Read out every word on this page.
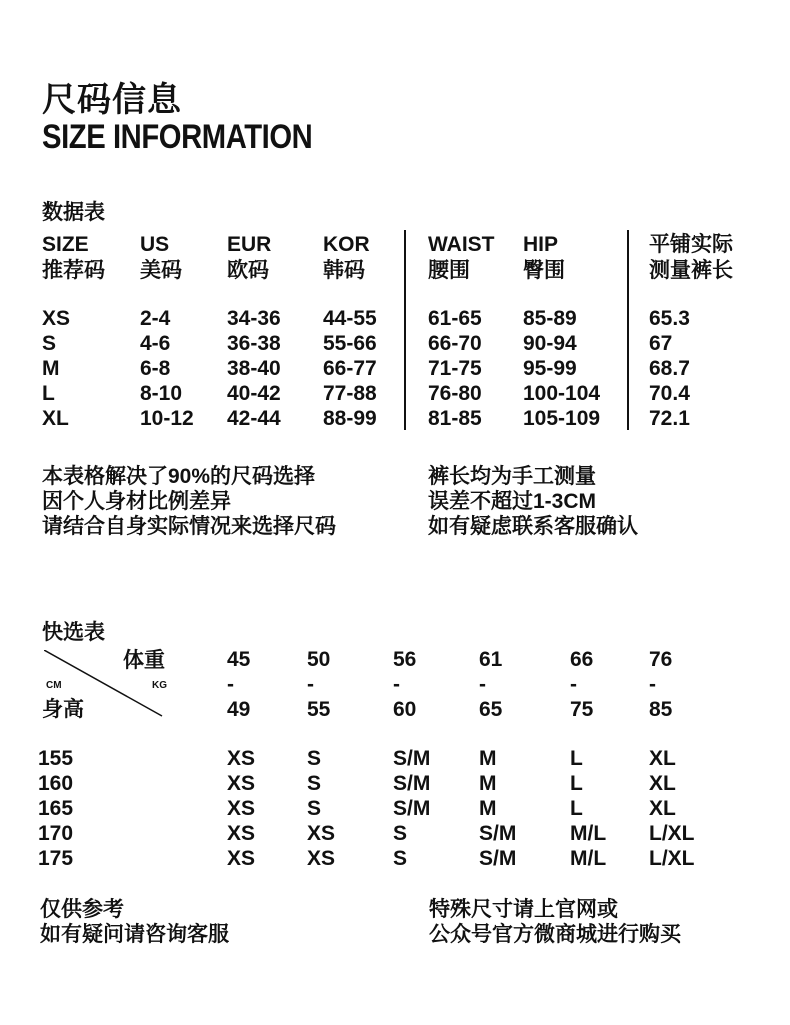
尺码信息
SIZE INFORMATION
数据表
SIZE
推荐码
US
美码
EUR
欧码
KOR
韩码
WAIST
腰围
HIP
臀围
平铺实际
测量裤长
XS
S
M
L
XL
2-4
4-6
6-8
8-10
10-12
34-36
36-38
38-40
40-42
42-44
44-55
55-66
66-77
77-88
88-99
61-65
66-70
71-75
76-80
81-85
85-89
90-94
95-99
100-104
105-109
65.3
67
68.7
70.4
72.1
本表格解决了90%的尺码选择
因个人身材比例差异
请结合自身实际情况来选择尺码
裤长均为手工测量
误差不超过1-3CM
如有疑虑联系客服确认
快选表
体重
CM	KG
身高
45
-
49
50
-
55
56
-
60
61
-
65
66
-
75
76
-
85
155
160
165
170
175
XS
XS
XS
XS
XS
S
S
S
XS
XS
S/M
S/M
S/M
S
S
M
M
M
S/M
S/M
L
L
L
M/L
M/L
XL
XL
XL
L/XL
L/XL
仅供参考
如有疑问请咨询客服
特殊尺寸请上官网或
公众号官方微商城进行购买
